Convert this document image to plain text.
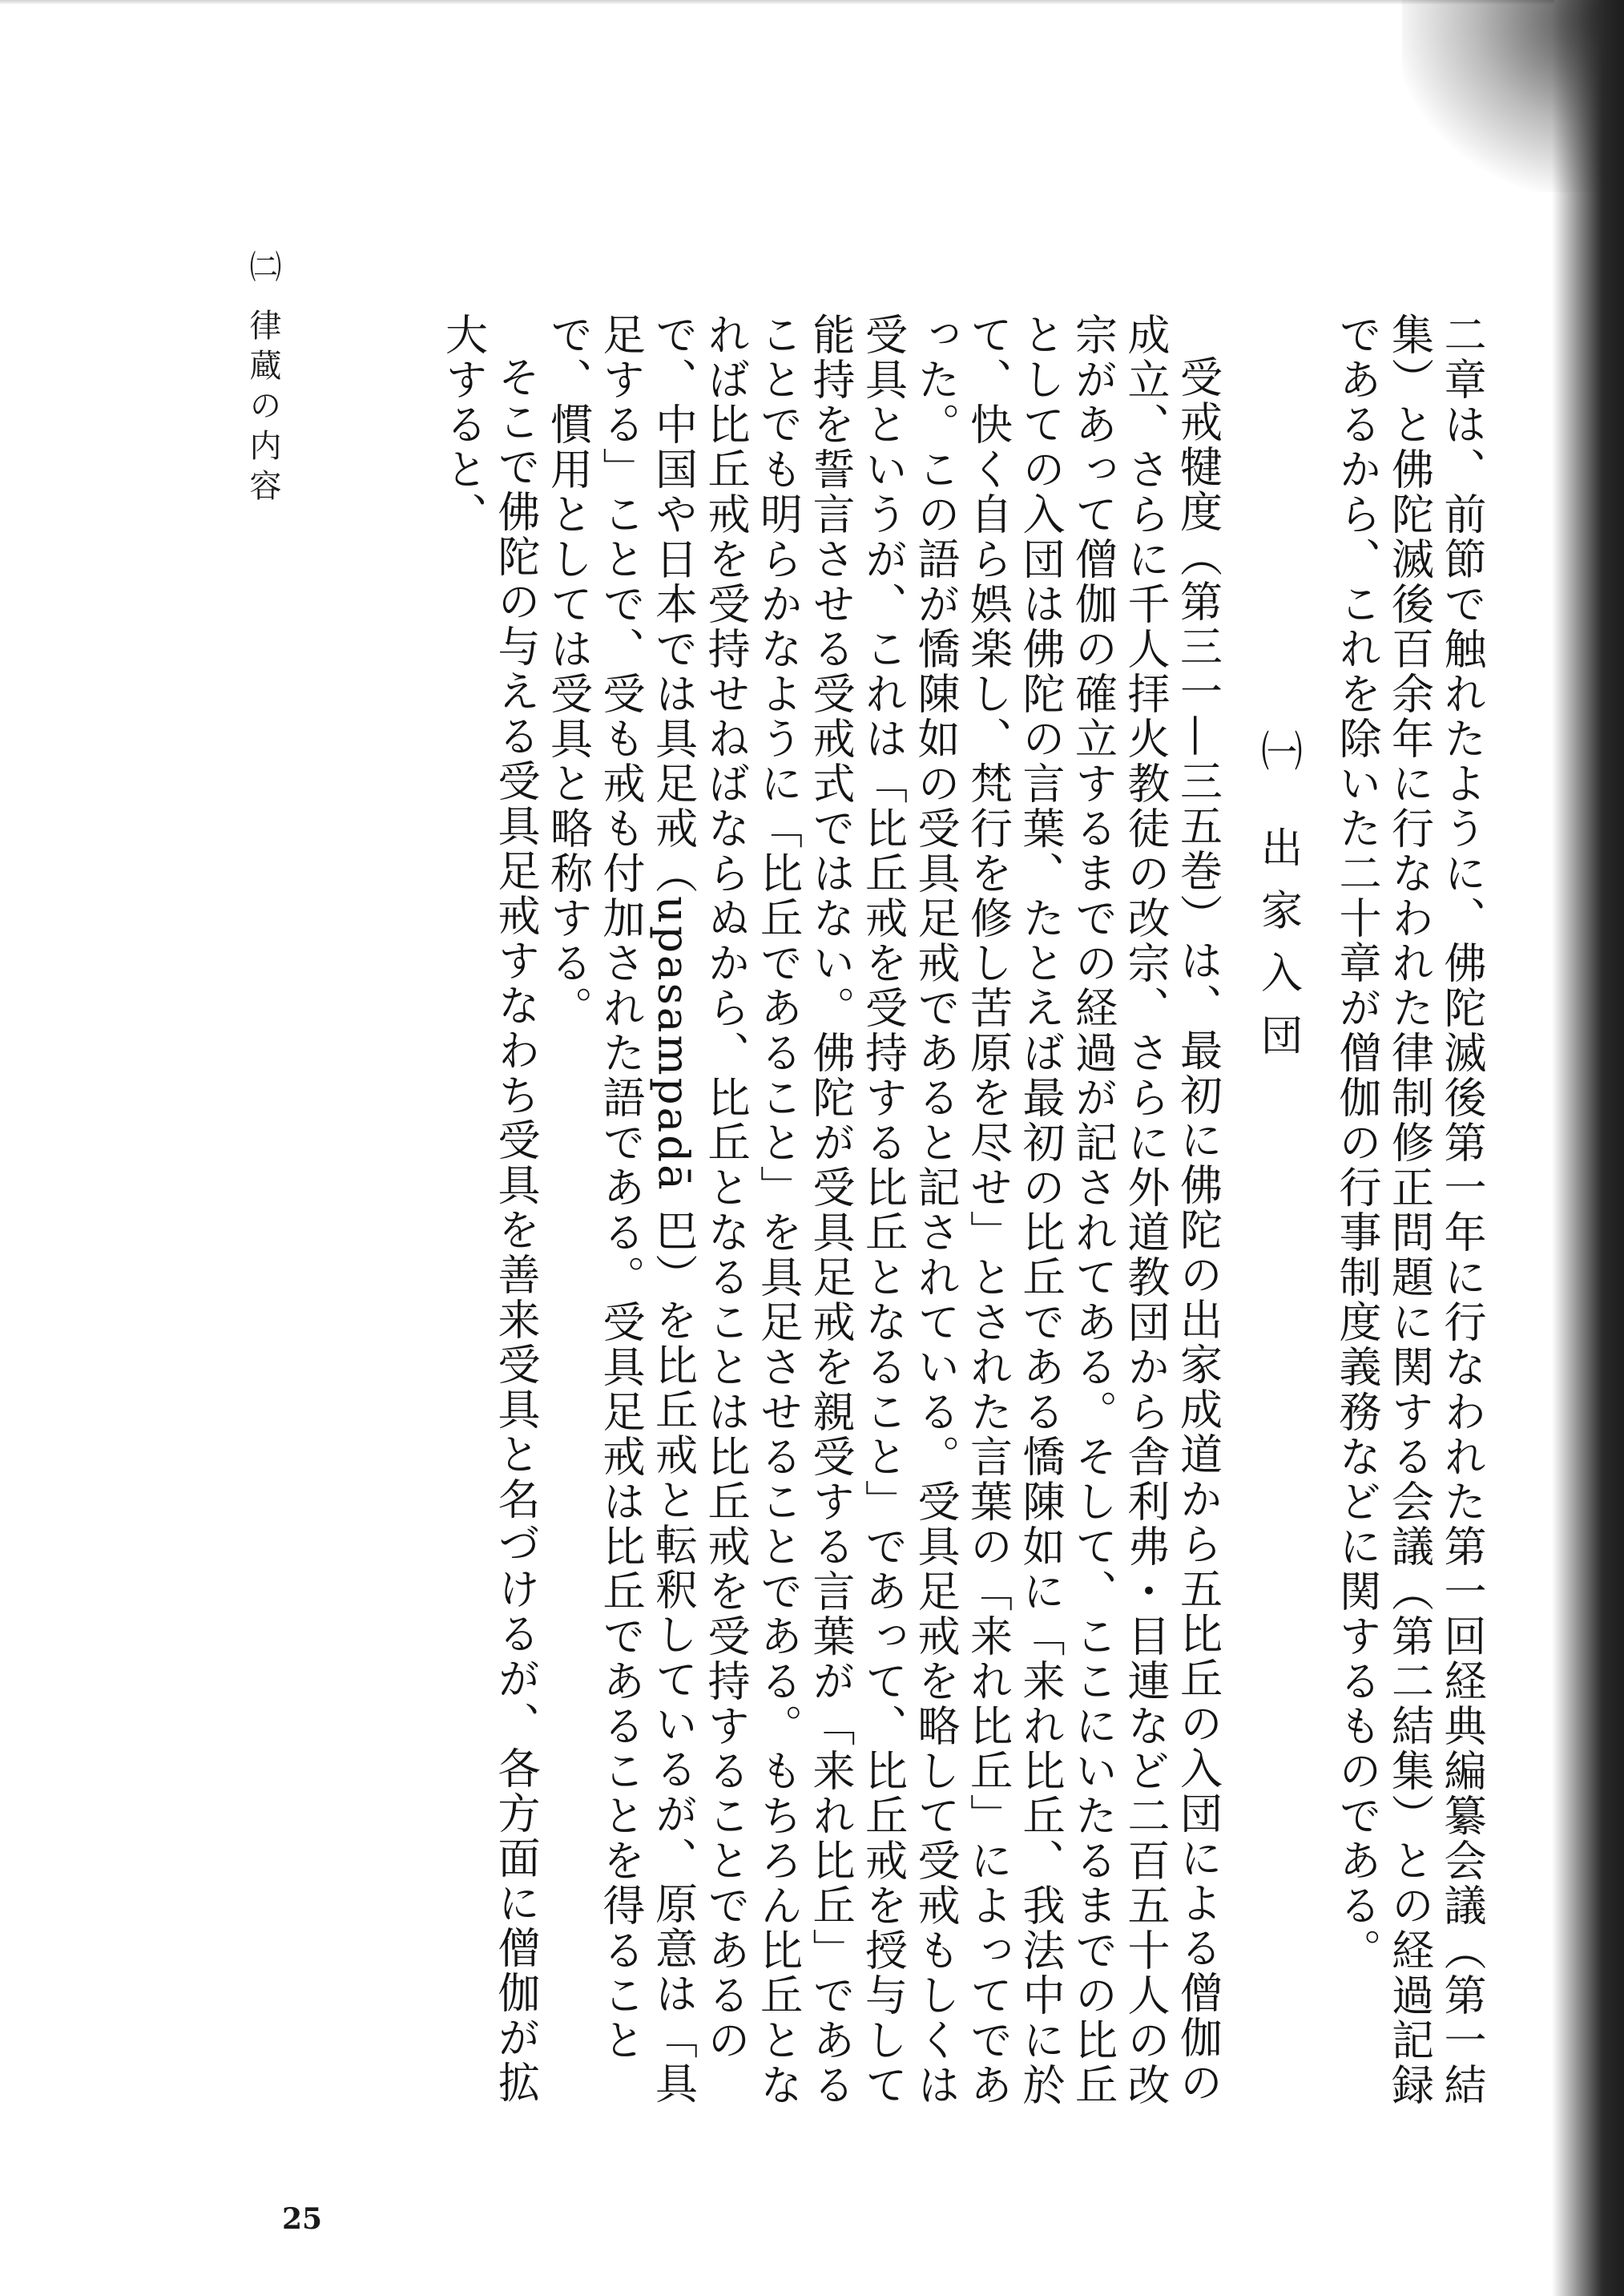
㈡ 律蔵の内容	二章は、前節で触れたように、佛陀滅後第一年に行なわれた第一回経典編纂会議（第一結集）と佛陀滅後百余年に行なわれた律制修正問題に関する会議（第二結集）との経過記録であるから、これを除いた二十章が僧伽の行事制度義務などに関するものである。

㈠ 出家入団

受戒犍度（第三一—三五巻）は、最初に佛陀の出家成道から五比丘の入団による僧伽の成立、さらに千人拝火教徒の改宗、さらに外道教団から舎利弗・目連など二百五十人の改宗があって僧伽の確立するまでの経過が記されてある。そして、ここにいたるまでの比丘としての入団は佛陀の言葉、たとえば最初の比丘である憍陳如に「来れ比丘、我法中に於て、快く自ら娯楽し、梵行を修し苦原を尽せ」とされた言葉の「来れ比丘」によってであった。この語が憍陳如の受具足戒であると記されている。受具足戒を略して受戒もしくは受具というが、これは「比丘戒を受持する比丘となること」であって、比丘戒を授与して能持を誓言させる受戒式ではない。佛陀が受具足戒を親受する言葉が「来れ比丘」であることでも明らかなように「比丘であること」を具足させることである。もちろん比丘となれば比丘戒を受持せねばならぬから、比丘となることは比丘戒を受持することであるので、中国や日本では具足戒（upasampadā 巴）を比丘戒と転釈しているが、原意は「具足する」ことで、受も戒も付加された語である。受具足戒は比丘であることを得ることで、慣用としては受具と略称する。

そこで佛陀の与える受具足戒すなわち受具を善来受具と名づけるが、各方面に僧伽が拡大すると、

25
